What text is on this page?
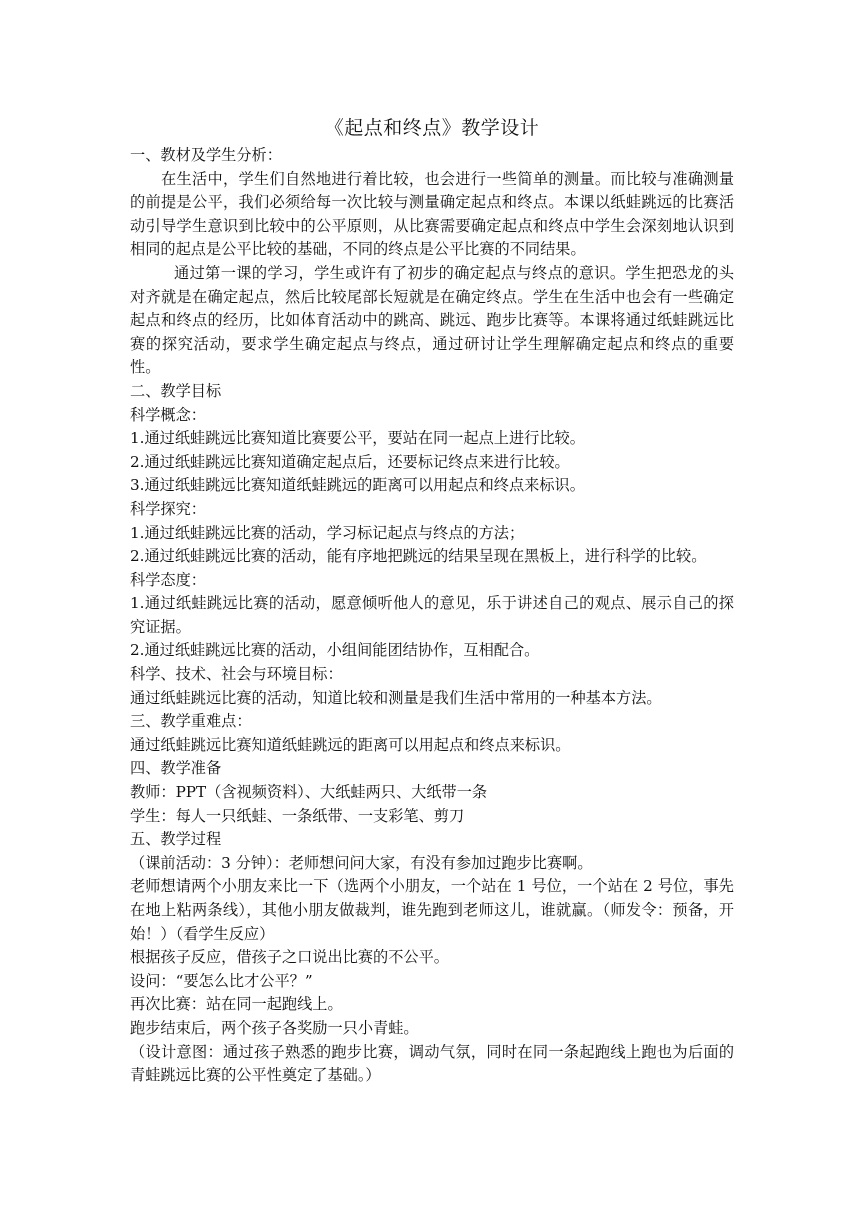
《起点和终点》教学设计

一、教材及学生分析：

在生活中，学生们自然地进行着比较，也会进行一些简单的测量。而比较与准确测量的前提是公平，我们必须给每一次比较与测量确定起点和终点。本课以纸蛙跳远的比赛活动引导学生意识到比较中的公平原则，从比赛需要确定起点和终点中学生会深刻地认识到相同的起点是公平比较的基础，不同的终点是公平比赛的不同结果。

通过第一课的学习，学生或许有了初步的确定起点与终点的意识。学生把恐龙的头对齐就是在确定起点，然后比较尾部长短就是在确定终点。学生在生活中也会有一些确定起点和终点的经历，比如体育活动中的跳高、跳远、跑步比赛等。本课将通过纸蛙跳远比赛的探究活动，要求学生确定起点与终点，通过研讨让学生理解确定起点和终点的重要性。

二、教学目标

科学概念：

1.通过纸蛙跳远比赛知道比赛要公平，要站在同一起点上进行比较。

2.通过纸蛙跳远比赛知道确定起点后，还要标记终点来进行比较。

3.通过纸蛙跳远比赛知道纸蛙跳远的距离可以用起点和终点来标识。

科学探究：

1.通过纸蛙跳远比赛的活动，学习标记起点与终点的方法；

2.通过纸蛙跳远比赛的活动，能有序地把跳远的结果呈现在黑板上，进行科学的比较。

科学态度：

1.通过纸蛙跳远比赛的活动，愿意倾听他人的意见，乐于讲述自己的观点、展示自己的探究证据。

2.通过纸蛙跳远比赛的活动，小组间能团结协作，互相配合。

科学、技术、社会与环境目标：

通过纸蛙跳远比赛的活动，知道比较和测量是我们生活中常用的一种基本方法。

三、教学重难点：

通过纸蛙跳远比赛知道纸蛙跳远的距离可以用起点和终点来标识。

四、教学准备

教师：PPT（含视频资料）、大纸蛙两只、大纸带一条

学生：每人一只纸蛙、一条纸带、一支彩笔、剪刀

五、教学过程

（课前活动：3 分钟）：老师想问问大家，有没有参加过跑步比赛啊。

老师想请两个小朋友来比一下（选两个小朋友，一个站在 1 号位，一个站在 2 号位，事先在地上粘两条线），其他小朋友做裁判，谁先跑到老师这儿，谁就赢。（师发令：预备，开始！）（看学生反应）

根据孩子反应，借孩子之口说出比赛的不公平。

设问：“要怎么比才公平？”

再次比赛：站在同一起跑线上。

跑步结束后，两个孩子各奖励一只小青蛙。

（设计意图：通过孩子熟悉的跑步比赛，调动气氛，同时在同一条起跑线上跑也为后面的青蛙跳远比赛的公平性奠定了基础。）
